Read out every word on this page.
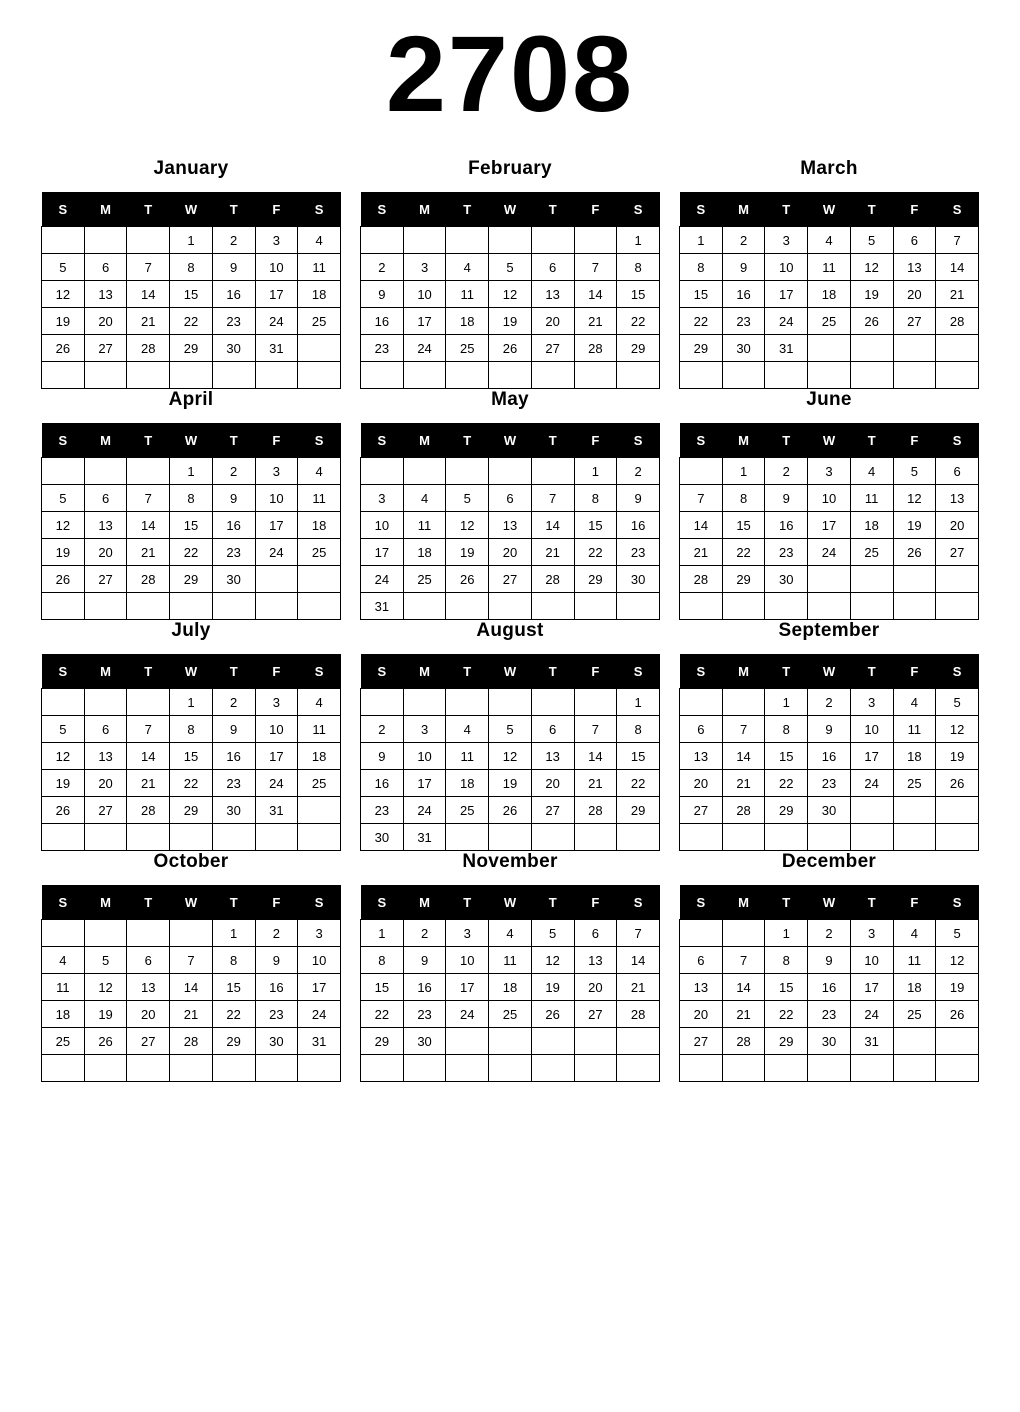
2708
January
S	M	T	W	T	F	S
			1	2	3	4
5	6	7	8	9	10	11
12	13	14	15	16	17	18
19	20	21	22	23	24	25
26	27	28	29	30	31	

February
S	M	T	W	T	F	S
						1
2	3	4	5	6	7	8
9	10	11	12	13	14	15
16	17	18	19	20	21	22
23	24	25	26	27	28	29

March
S	M	T	W	T	F	S
1	2	3	4	5	6	7
8	9	10	11	12	13	14
15	16	17	18	19	20	21
22	23	24	25	26	27	28
29	30	31				

April
S	M	T	W	T	F	S
			1	2	3	4
5	6	7	8	9	10	11
12	13	14	15	16	17	18
19	20	21	22	23	24	25
26	27	28	29	30		

May
S	M	T	W	T	F	S
					1	2
3	4	5	6	7	8	9
10	11	12	13	14	15	16
17	18	19	20	21	22	23
24	25	26	27	28	29	30
31						
June
S	M	T	W	T	F	S
	1	2	3	4	5	6
7	8	9	10	11	12	13
14	15	16	17	18	19	20
21	22	23	24	25	26	27
28	29	30				

July
S	M	T	W	T	F	S
			1	2	3	4
5	6	7	8	9	10	11
12	13	14	15	16	17	18
19	20	21	22	23	24	25
26	27	28	29	30	31	

August
S	M	T	W	T	F	S
						1
2	3	4	5	6	7	8
9	10	11	12	13	14	15
16	17	18	19	20	21	22
23	24	25	26	27	28	29
30	31					
September
S	M	T	W	T	F	S
		1	2	3	4	5
6	7	8	9	10	11	12
13	14	15	16	17	18	19
20	21	22	23	24	25	26
27	28	29	30			

October
S	M	T	W	T	F	S
				1	2	3
4	5	6	7	8	9	10
11	12	13	14	15	16	17
18	19	20	21	22	23	24
25	26	27	28	29	30	31

November
S	M	T	W	T	F	S
1	2	3	4	5	6	7
8	9	10	11	12	13	14
15	16	17	18	19	20	21
22	23	24	25	26	27	28
29	30					

December
S	M	T	W	T	F	S
		1	2	3	4	5
6	7	8	9	10	11	12
13	14	15	16	17	18	19
20	21	22	23	24	25	26
27	28	29	30	31		
